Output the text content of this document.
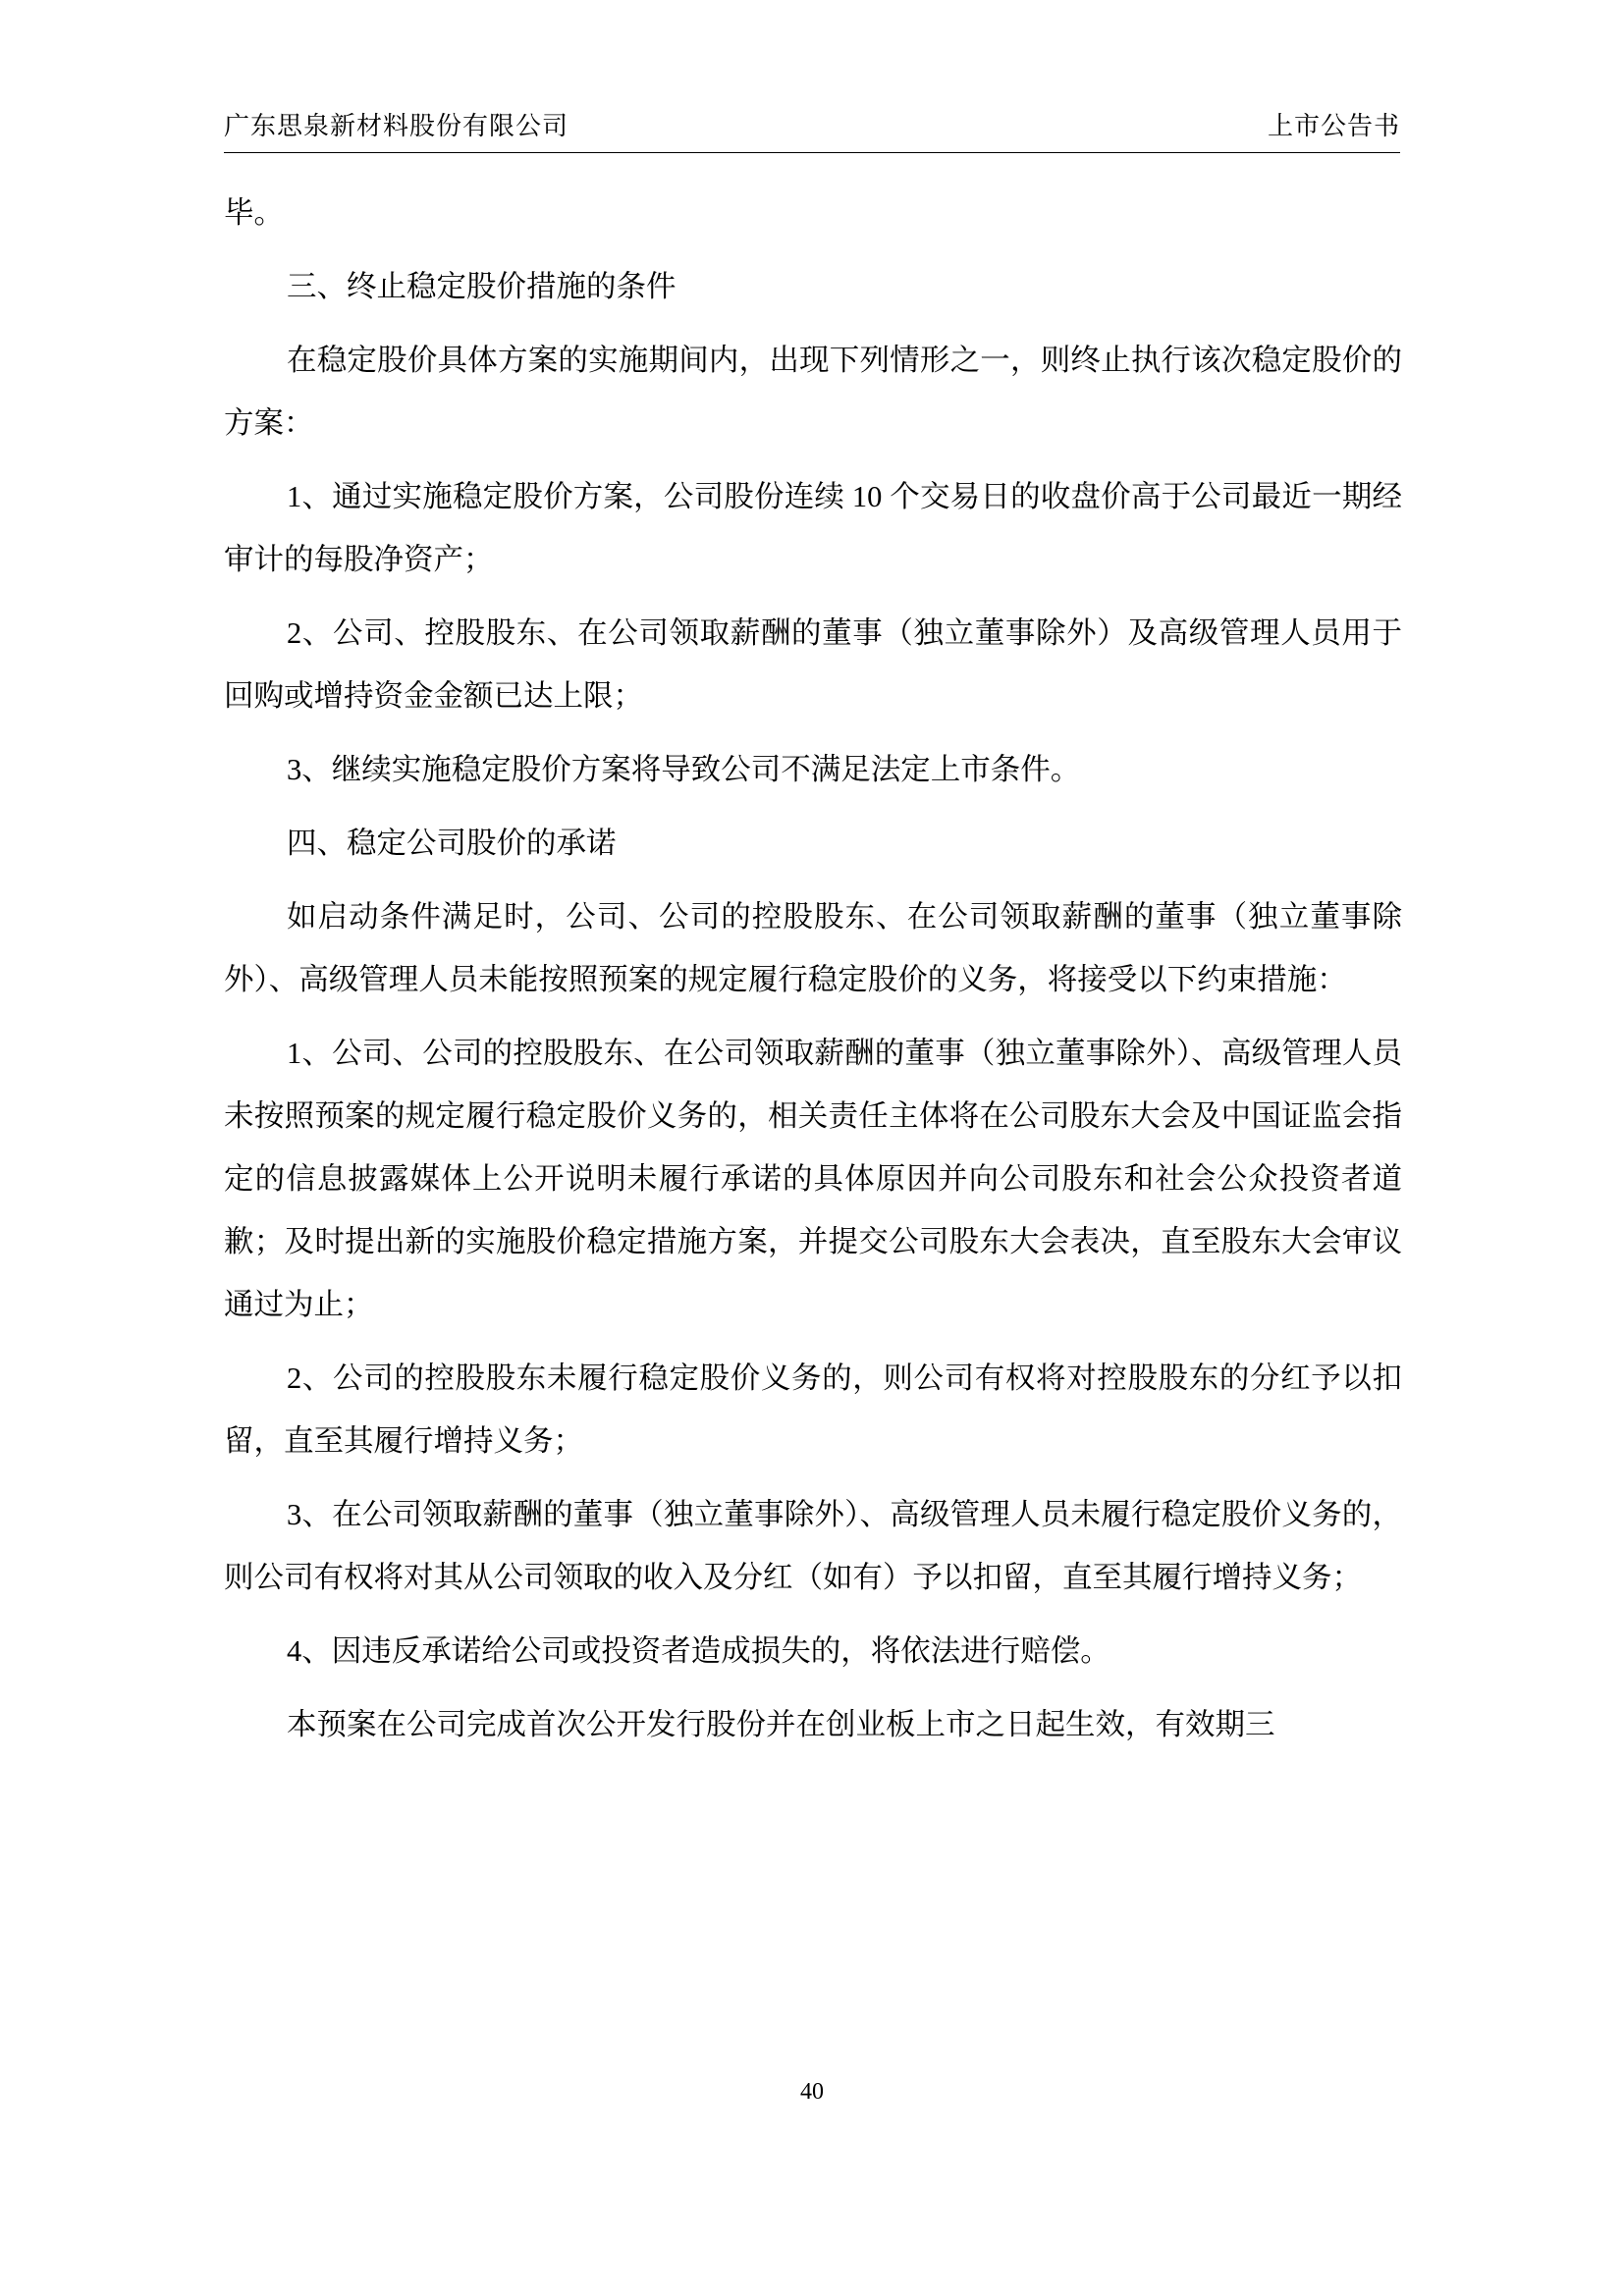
广东思泉新材料股份有限公司	上市公告书

毕。

三、终止稳定股价措施的条件

在稳定股价具体方案的实施期间内，出现下列情形之一，则终止执行该次稳定股价的方案：

1、通过实施稳定股价方案，公司股份连续 10 个交易日的收盘价高于公司最近一期经审计的每股净资产；

2、公司、控股股东、在公司领取薪酬的董事（独立董事除外）及高级管理人员用于回购或增持资金金额已达上限；

3、继续实施稳定股价方案将导致公司不满足法定上市条件。

四、稳定公司股价的承诺

如启动条件满足时，公司、公司的控股股东、在公司领取薪酬的董事（独立董事除外）、高级管理人员未能按照预案的规定履行稳定股价的义务，将接受以下约束措施：

1、公司、公司的控股股东、在公司领取薪酬的董事（独立董事除外）、高级管理人员未按照预案的规定履行稳定股价义务的，相关责任主体将在公司股东大会及中国证监会指定的信息披露媒体上公开说明未履行承诺的具体原因并向公司股东和社会公众投资者道歉；及时提出新的实施股价稳定措施方案，并提交公司股东大会表决，直至股东大会审议通过为止；

2、公司的控股股东未履行稳定股价义务的，则公司有权将对控股股东的分红予以扣留，直至其履行增持义务；

3、在公司领取薪酬的董事（独立董事除外）、高级管理人员未履行稳定股价义务的，则公司有权将对其从公司领取的收入及分红（如有）予以扣留，直至其履行增持义务；

4、因违反承诺给公司或投资者造成损失的，将依法进行赔偿。

本预案在公司完成首次公开发行股份并在创业板上市之日起生效，有效期三

40
